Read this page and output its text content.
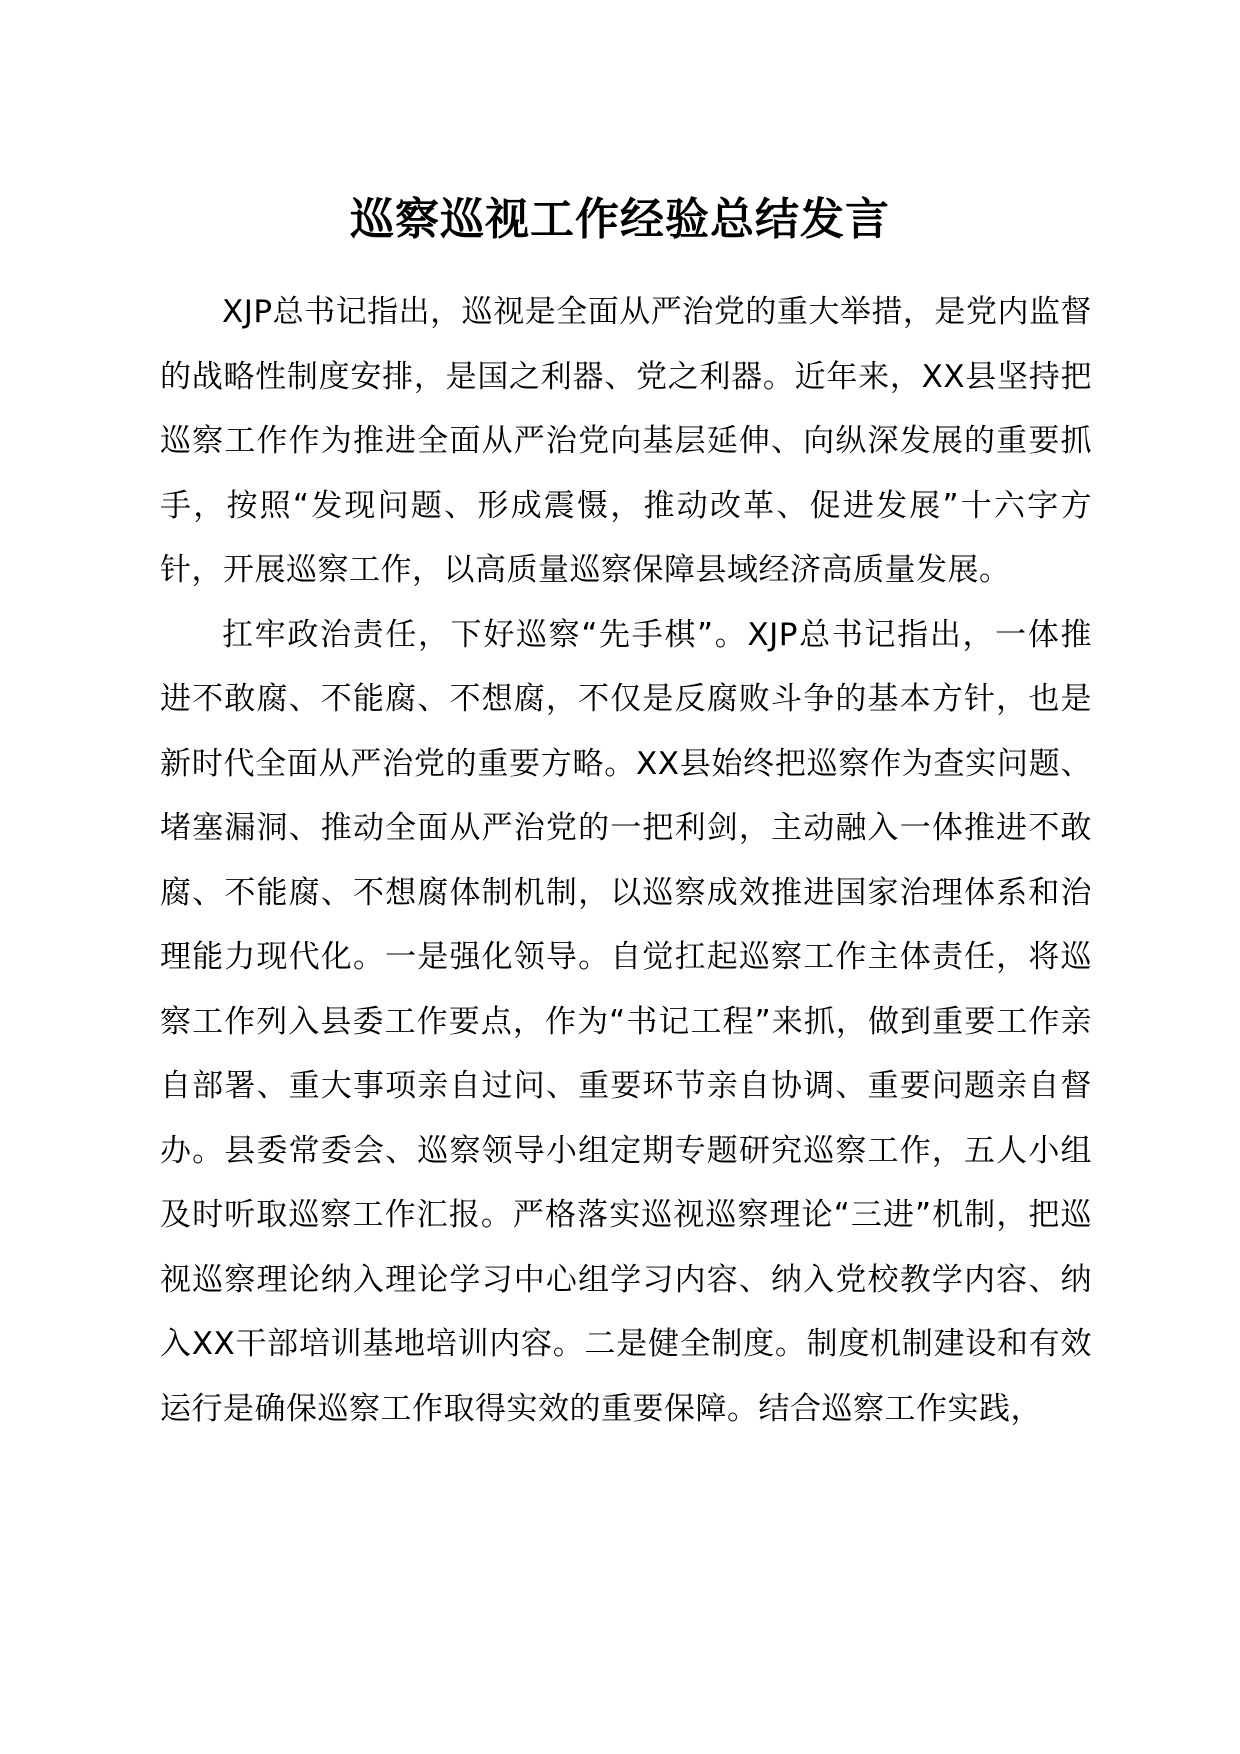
巡察巡视工作经验总结发言

XJP总书记指出，巡视是全面从严治党的重大举措，是党内监督的战略性制度安排，是国之利器、党之利器。近年来，XX县坚持把巡察工作作为推进全面从严治党向基层延伸、向纵深发展的重要抓手，按照“发现问题、形成震慑，推动改革、促进发展”十六字方针，开展巡察工作，以高质量巡察保障县域经济高质量发展。

扛牢政治责任，下好巡察“先手棋”。XJP总书记指出，一体推进不敢腐、不能腐、不想腐，不仅是反腐败斗争的基本方针，也是新时代全面从严治党的重要方略。XX县始终把巡察作为查实问题、堵塞漏洞、推动全面从严治党的一把利剑，主动融入一体推进不敢腐、不能腐、不想腐体制机制，以巡察成效推进国家治理体系和治理能力现代化。一是强化领导。自觉扛起巡察工作主体责任，将巡察工作列入县委工作要点，作为“书记工程”来抓，做到重要工作亲自部署、重大事项亲自过问、重要环节亲自协调、重要问题亲自督办。县委常委会、巡察领导小组定期专题研究巡察工作，五人小组及时听取巡察工作汇报。严格落实巡视巡察理论“三进”机制，把巡视巡察理论纳入理论学习中心组学习内容、纳入党校教学内容、纳入XX干部培训基地培训内容。二是健全制度。制度机制建设和有效运行是确保巡察工作取得实效的重要保障。结合巡察工作实践，
